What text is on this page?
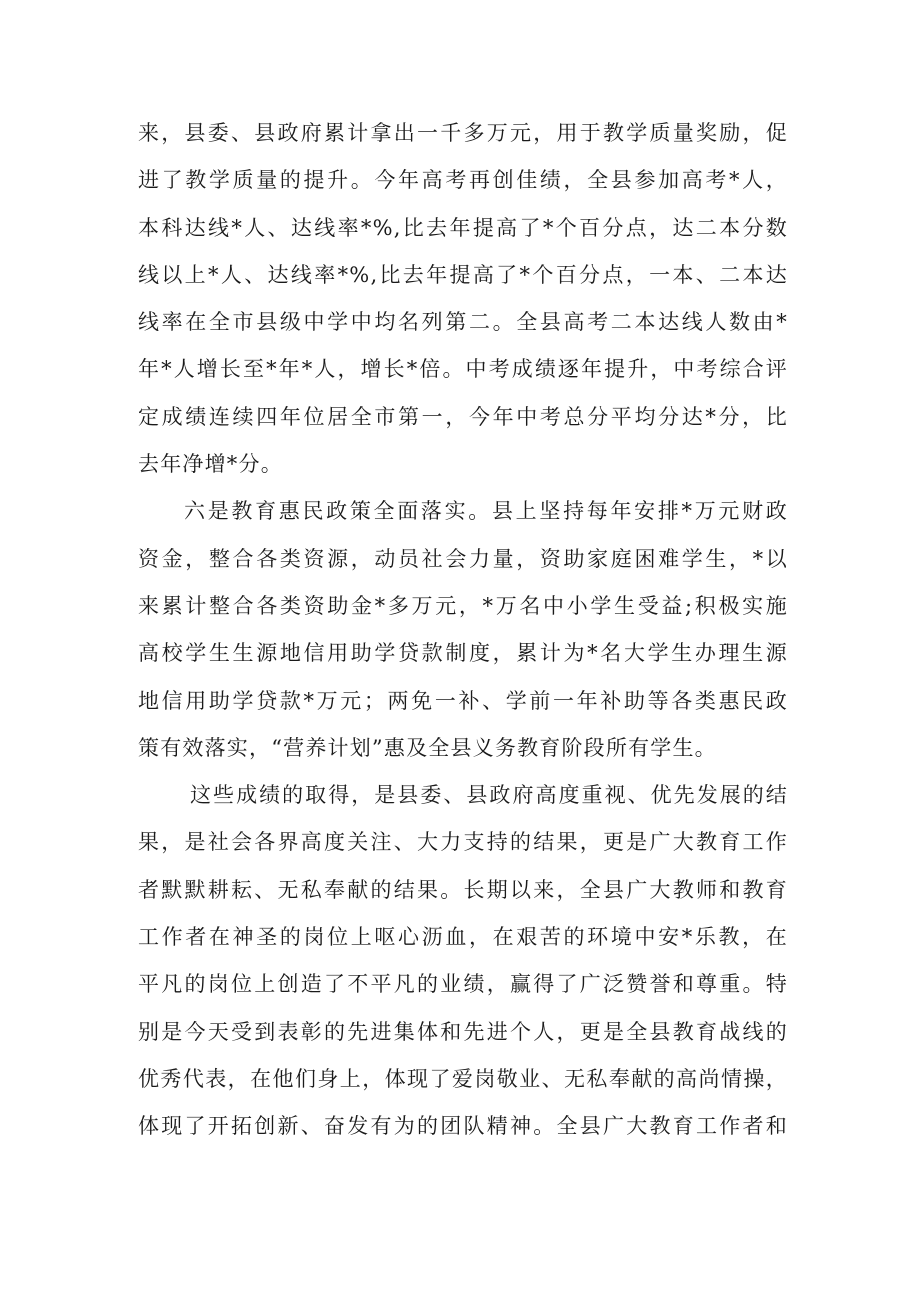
来，县委、县政府累计拿出一千多万元，用于教学质量奖励，促
进了教学质量的提升。今年高考再创佳绩，全县参加高考*人，
本科达线*人、达线率*%,比去年提高了*个百分点，达二本分数
线以上*人、达线率*%,比去年提高了*个百分点，一本、二本达
线率在全市县级中学中均名列第二。全县高考二本达线人数由*
年*人增长至*年*人，增长*倍。中考成绩逐年提升，中考综合评
定成绩连续四年位居全市第一，今年中考总分平均分达*分，比
去年净增*分。
六是教育惠民政策全面落实。县上坚持每年安排*万元财政
资金，整合各类资源，动员社会力量，资助家庭困难学生，*以
来累计整合各类资助金*多万元，*万名中小学生受益;积极实施
高校学生生源地信用助学贷款制度，累计为*名大学生办理生源
地信用助学贷款*万元；两免一补、学前一年补助等各类惠民政
策有效落实，“营养计划”惠及全县义务教育阶段所有学生。
这些成绩的取得，是县委、县政府高度重视、优先发展的结
果，是社会各界高度关注、大力支持的结果，更是广大教育工作
者默默耕耘、无私奉献的结果。长期以来，全县广大教师和教育
工作者在神圣的岗位上呕心沥血，在艰苦的环境中安*乐教，在
平凡的岗位上创造了不平凡的业绩，赢得了广泛赞誉和尊重。特
别是今天受到表彰的先进集体和先进个人，更是全县教育战线的
优秀代表，在他们身上，体现了爱岗敬业、无私奉献的高尚情操，
体现了开拓创新、奋发有为的团队精神。全县广大教育工作者和
